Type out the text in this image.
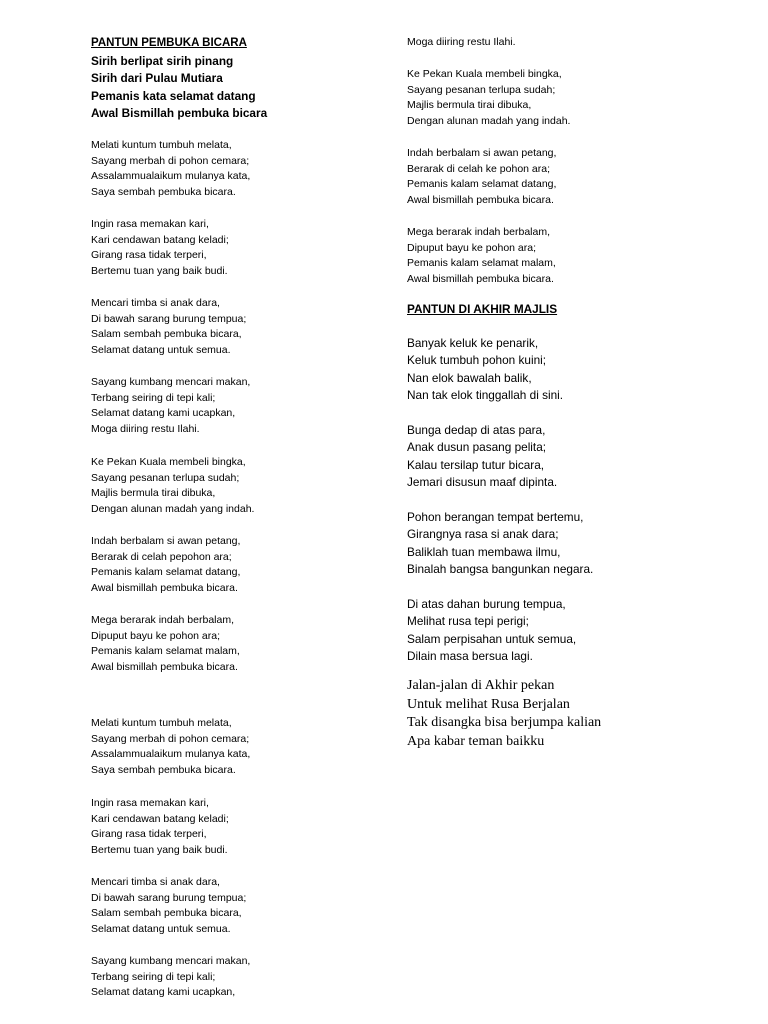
PANTUN PEMBUKA BICARA
Sirih berlipat sirih pinang
Sirih dari Pulau Mutiara
Pemanis kata selamat datang
Awal Bismillah pembuka bicara
Melati kuntum tumbuh melata,
Sayang merbah di pohon cemara;
Assalammualaikum mulanya kata,
Saya sembah pembuka bicara.
Ingin rasa memakan kari,
Kari cendawan batang keladi;
Girang rasa tidak terperi,
Bertemu tuan yang baik budi.
Mencari timba si anak dara,
Di bawah sarang burung tempua;
Salam sembah pembuka bicara,
Selamat datang untuk semua.
Sayang kumbang mencari makan,
Terbang seiring di tepi kali;
Selamat datang kami ucapkan,
Moga diiring restu Ilahi.
Ke Pekan Kuala membeli bingka,
Sayang pesanan terlupa sudah;
Majlis bermula tirai dibuka,
Dengan alunan madah yang indah.
Indah berbalam si awan petang,
Berarak di celah pepohon ara;
Pemanis kalam selamat datang,
Awal bismillah pembuka bicara.
Mega berarak indah berbalam,
Dipuput bayu ke pohon ara;
Pemanis kalam selamat malam,
Awal bismillah pembuka bicara.
Melati kuntum tumbuh melata,
Sayang merbah di pohon cemara;
Assalammualaikum mulanya kata,
Saya sembah pembuka bicara.
Ingin rasa memakan kari,
Kari cendawan batang keladi;
Girang rasa tidak terperi,
Bertemu tuan yang baik budi.
Mencari timba si anak dara,
Di bawah sarang burung tempua;
Salam sembah pembuka bicara,
Selamat datang untuk semua.
Sayang kumbang mencari makan,
Terbang seiring di tepi kali;
Selamat datang kami ucapkan,
Moga diiring restu Ilahi.
Ke Pekan Kuala membeli bingka,
Sayang pesanan terlupa sudah;
Majlis bermula tirai dibuka,
Dengan alunan madah yang indah.
Indah berbalam si awan petang,
Berarak di celah ke pohon ara;
Pemanis kalam selamat datang,
Awal bismillah pembuka bicara.
Mega berarak indah berbalam,
Dipuput bayu ke pohon ara;
Pemanis kalam selamat malam,
Awal bismillah pembuka bicara.
PANTUN DI AKHIR MAJLIS
Banyak keluk ke penarik,
Keluk tumbuh pohon kuini;
Nan elok bawalah balik,
Nan tak elok tinggallah di sini.
Bunga dedap di atas para,
Anak dusun pasang pelita;
Kalau tersilap tutur bicara,
Jemari disusun maaf dipinta.
Pohon berangan tempat bertemu,
Girangnya rasa si anak dara;
Baliklah tuan membawa ilmu,
Binalah bangsa bangunkan negara.
Di atas dahan burung tempua,
Melihat rusa tepi perigi;
Salam perpisahan untuk semua,
Dilain masa bersua lagi.
Jalan-jalan di Akhir pekan
Untuk melihat Rusa Berjalan
Tak disangka bisa berjumpa kalian
Apa kabar teman baikku
